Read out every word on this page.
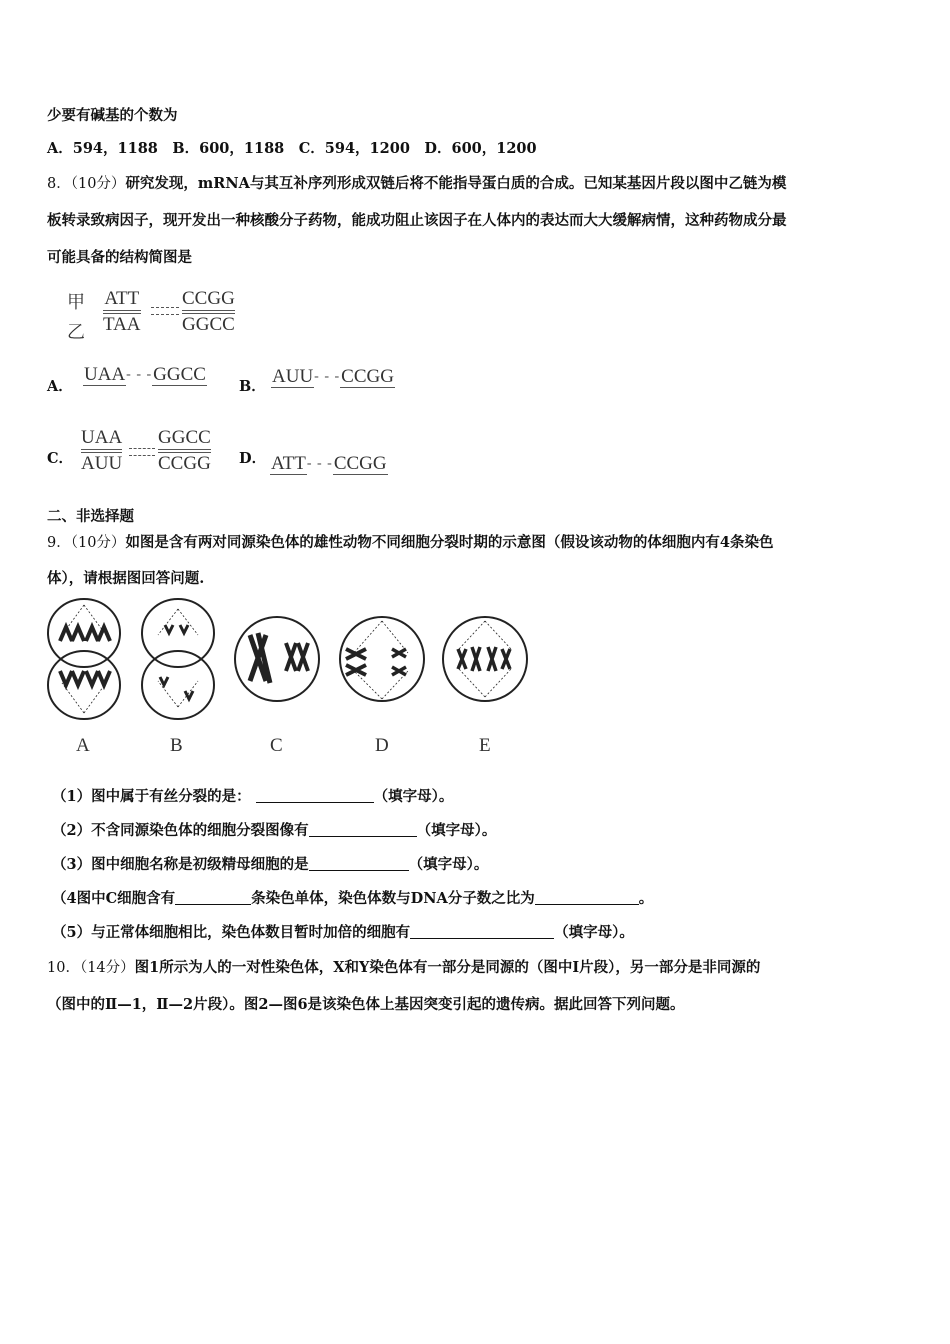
少要有碱基的个数为
A．594，1188　B．600，1188　C．594，1200　D．600，1200
8．（10分）研究发现，mRNA与其互补序列形成双链后将不能指导蛋白质的合成。已知某基因片段以图中乙链为模
板转录致病因子，现开发出一种核酸分子药物，能成功阻止该因子在人体内的表达而大大缓解病情，这种药物成分最
可能具备的结构简图是
甲
乙
ATT
TAA
CCGG
GGCC
A．
UAA- - -GGCC
B． AUU- - -CCGG
C．
UAA
AUU
GGCC
CCGG D． ATT- - -CCGG
二、非选择题
9．（10分）如图是含有两对同源染色体的雄性动物不同细胞分裂时期的示意图（假设该动物的体细胞内有4条染色
体），请根据图回答问题.
A	B	C	D	E
（1）图中属于有丝分裂的是：	（填字母）。
（2）不含同源染色体的细胞分裂图像有	（填字母）。
（3）图中细胞名称是初级精母细胞的是	（填字母）。
（4图中C细胞含有	条染色单体，染色体数与DNA分子数之比为	。
（5）与正常体细胞相比，染色体数目暂时加倍的细胞有	（填字母）。
10．（14分）图1所示为人的一对性染色体，X和Y染色体有一部分是同源的（图中Ⅰ片段），另一部分是非同源的
（图中的Ⅱ—1，Ⅱ—2片段）。图2—图6是该染色体上基因突变引起的遗传病。据此回答下列问题。
